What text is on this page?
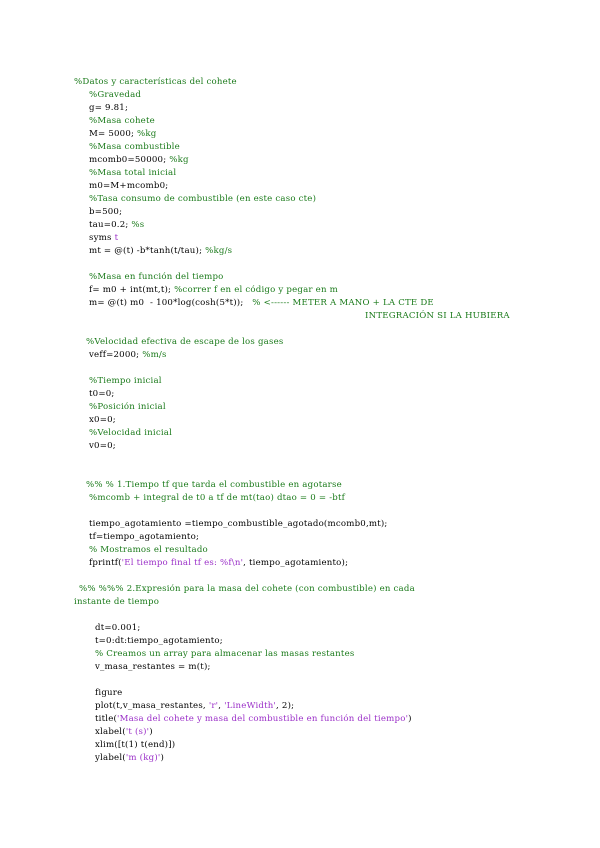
%Datos y características del cohete
%Gravedad
g= 9.81;
%Masa cohete
M= 5000; %kg
%Masa combustible
mcomb0=50000; %kg
%Masa total inicial
m0=M+mcomb0;
%Tasa consumo de combustible (en este caso cte)
b=500;
tau=0.2; %s
syms t
mt = @(t) -b*tanh(t/tau); %kg/s
%Masa en función del tiempo
f= m0 + int(mt,t); %correr f en el código y pegar en m
m= @(t) m0  - 100*log(cosh(5*t));   % <------ METER A MANO + LA CTE DE
INTEGRACIÓN SI LA HUBIERA
%Velocidad efectiva de escape de los gases
veff=2000; %m/s
%Tiempo inicial
t0=0;
%Posición inicial
x0=0;
%Velocidad inicial
v0=0;
%% % 1.Tiempo tf que tarda el combustible en agotarse
%mcomb + integral de t0 a tf de mt(tao) dtao = 0 = -btf
tiempo_agotamiento =tiempo_combustible_agotado(mcomb0,mt);
tf=tiempo_agotamiento;
% Mostramos el resultado
fprintf('El tiempo final tf es: %f\n', tiempo_agotamiento);
%% %%% 2.Expresión para la masa del cohete (con combustible) en cada
instante de tiempo
dt=0.001;
t=0:dt:tiempo_agotamiento;
% Creamos un array para almacenar las masas restantes
v_masa_restantes = m(t);
figure
plot(t,v_masa_restantes, 'r', 'LineWidth', 2);
title('Masa del cohete y masa del combustible en función del tiempo')
xlabel('t (s)')
xlim([t(1) t(end)])
ylabel('m (kg)')
